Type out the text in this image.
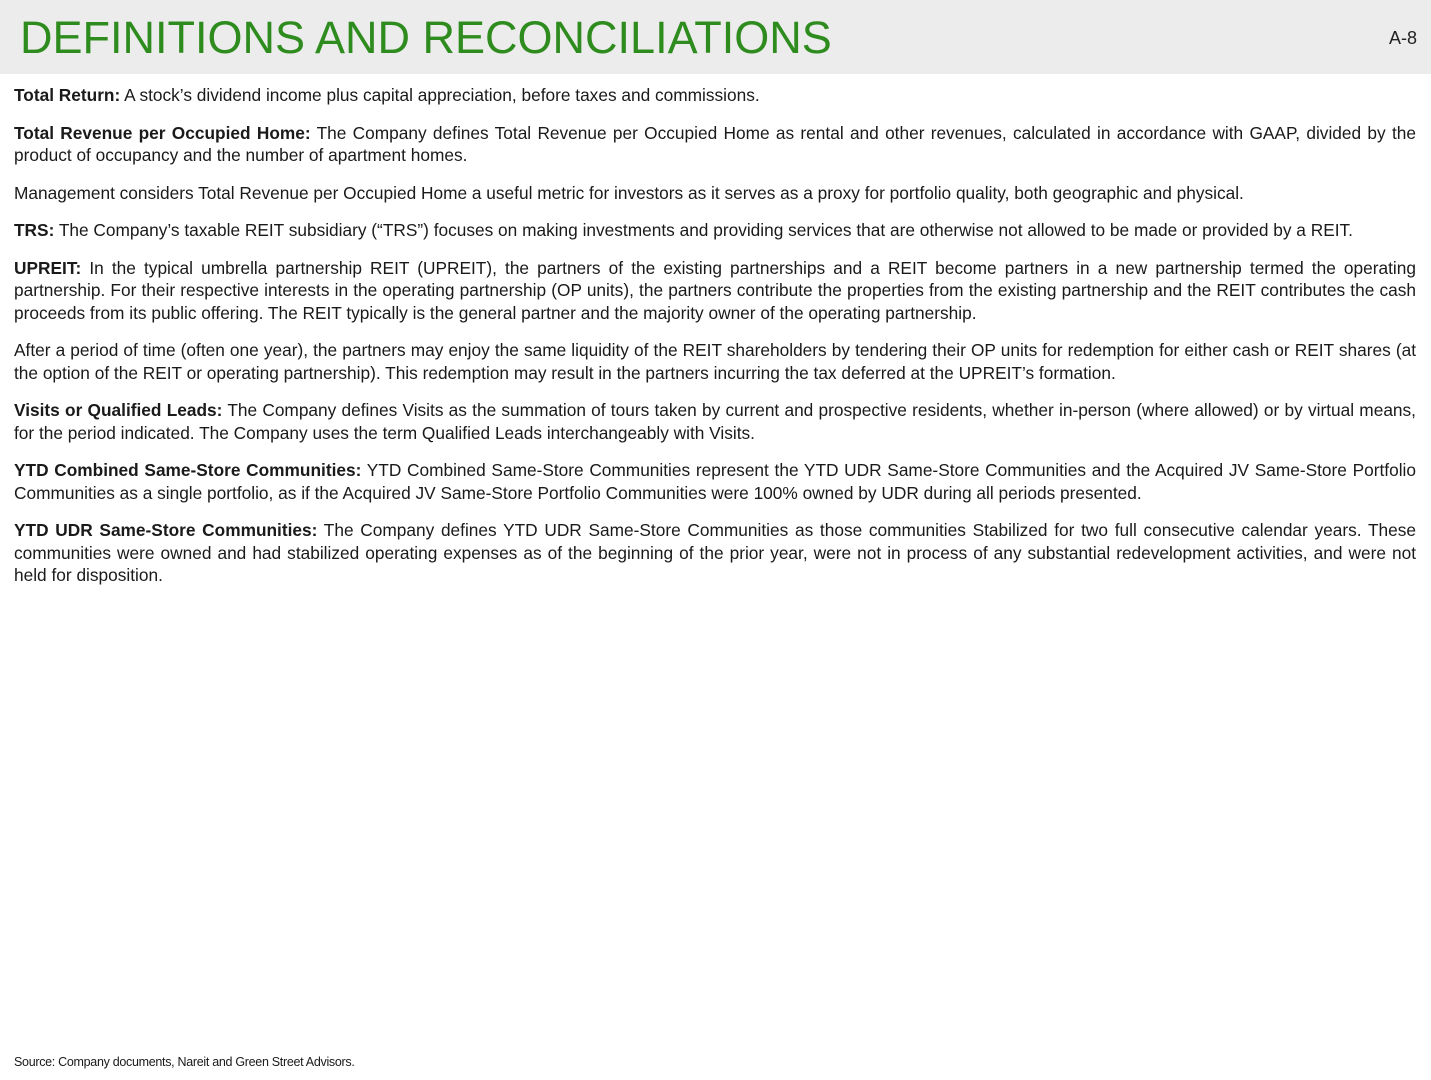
DEFINITIONS AND RECONCILIATIONS	A-8

Total Return: A stock’s dividend income plus capital appreciation, before taxes and commissions.

Total Revenue per Occupied Home: The Company defines Total Revenue per Occupied Home as rental and other revenues, calculated in accordance with GAAP, divided by the product of occupancy and the number of apartment homes.

Management considers Total Revenue per Occupied Home a useful metric for investors as it serves as a proxy for portfolio quality, both geographic and physical.

TRS: The Company’s taxable REIT subsidiary (“TRS”) focuses on making investments and providing services that are otherwise not allowed to be made or provided by a REIT.

UPREIT: In the typical umbrella partnership REIT (UPREIT), the partners of the existing partnerships and a REIT become partners in a new partnership termed the operating partnership. For their respective interests in the operating partnership (OP units), the partners contribute the properties from the existing partnership and the REIT contributes the cash proceeds from its public offering. The REIT typically is the general partner and the majority owner of the operating partnership.

After a period of time (often one year), the partners may enjoy the same liquidity of the REIT shareholders by tendering their OP units for redemption for either cash or REIT shares (at the option of the REIT or operating partnership). This redemption may result in the partners incurring the tax deferred at the UPREIT’s formation.

Visits or Qualified Leads: The Company defines Visits as the summation of tours taken by current and prospective residents, whether in-person (where allowed) or by virtual means, for the period indicated. The Company uses the term Qualified Leads interchangeably with Visits.

YTD Combined Same-Store Communities: YTD Combined Same-Store Communities represent the YTD UDR Same-Store Communities and the Acquired JV Same-Store Portfolio Communities as a single portfolio, as if the Acquired JV Same-Store Portfolio Communities were 100% owned by UDR during all periods presented.

YTD UDR Same-Store Communities: The Company defines YTD UDR Same-Store Communities as those communities Stabilized for two full consecutive calendar years. These communities were owned and had stabilized operating expenses as of the beginning of the prior year, were not in process of any substantial redevelopment activities, and were not held for disposition.

Source: Company documents, Nareit and Green Street Advisors.
